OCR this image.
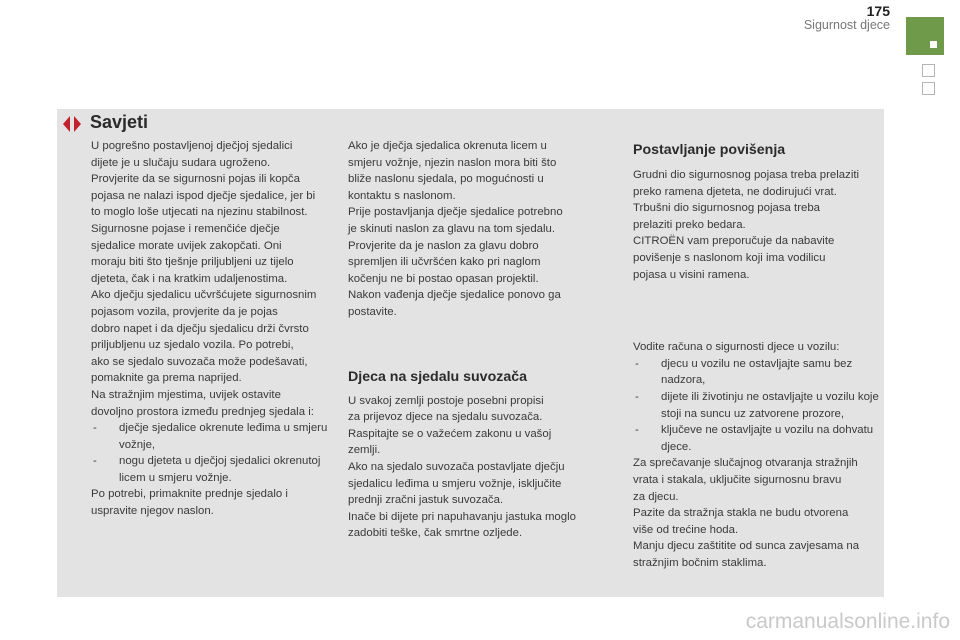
175
Sigurnost djece
Savjeti

U pogrešno postavljenoj dječjoj sjedalici

dijete je u slučaju sudara ugroženo.

Provjerite da se sigurnosni pojas ili kopča

pojasa ne nalazi ispod dječje sjedalice, jer bi

to moglo loše utjecati na njezinu stabilnost.

Sigurnosne pojase i remenčiće dječje

sjedalice morate uvijek zakopčati. Oni

moraju biti što tješnje priljubljeni uz tijelo

djeteta, čak i na kratkim udaljenostima.

Ako dječju sjedalicu učvršćujete sigurnosnim

pojasom vozila, provjerite da je pojas

dobro napet i da dječju sjedalicu drži čvrsto

priljubljenu uz sjedalo vozila. Po potrebi,

ako se sjedalo suvozača može podešavati,

pomaknite ga prema naprijed.

Na stražnjim mjestima, uvijek ostavite

dovoljno prostora između prednjeg sjedala i:

- dječje sjedalice okrenute leđima u smjeru vožnje,
- nogu djeteta u dječjoj sjedalici okrenutoj licem u smjeru vožnje.

Po potrebi, primaknite prednje sjedalo i

uspravite njegov naslon.

Ako je dječja sjedalica okrenuta licem u

smjeru vožnje, njezin naslon mora biti što

bliže naslonu sjedala, po mogućnosti u

kontaktu s naslonom.

Prije postavljanja dječje sjedalice potrebno

je skinuti naslon za glavu na tom sjedalu.

Provjerite da je naslon za glavu dobro

spremljen ili učvršćen kako pri naglom

kočenju ne bi postao opasan projektil.

Nakon vađenja dječje sjedalice ponovo ga

postavite.

Djeca na sjedalu suvozača

U svakoj zemlji postoje posebni propisi

za prijevoz djece na sjedalu suvozača.

Raspitajte se o važećem zakonu u vašoj

zemlji.

Ako na sjedalo suvozača postavljate dječju

sjedalicu leđima u smjeru vožnje, isključite

prednji zračni jastuk suvozača.

Inače bi dijete pri napuhavanju jastuka moglo

zadobiti teške, čak smrtne ozljede.

Postavljanje povišenja

Grudni dio sigurnosnog pojasa treba prelaziti

preko ramena djeteta, ne dodirujući vrat.

Trbušni dio sigurnosnog pojasa treba

prelaziti preko bedara.

CITROËN vam preporučuje da nabavite

povišenje s naslonom koji ima vodilicu

pojasa u visini ramena.

Vodite računa o sigurnosti djece u vozilu:

- djecu u vozilu ne ostavljajte samu bez nadzora,
- dijete ili životinju ne ostavljajte u vozilu koje stoji na suncu uz zatvorene prozore,
- ključeve ne ostavljajte u vozilu na dohvatu djece.

Za sprečavanje slučajnog otvaranja stražnjih

vrata i stakala, uključite sigurnosnu bravu

za djecu.

Pazite da stražnja stakla ne budu otvorena

više od trećine hoda.

Manju djecu zaštitite od sunca zavjesama na

stražnjim bočnim staklima.

carmanualsonline.info
